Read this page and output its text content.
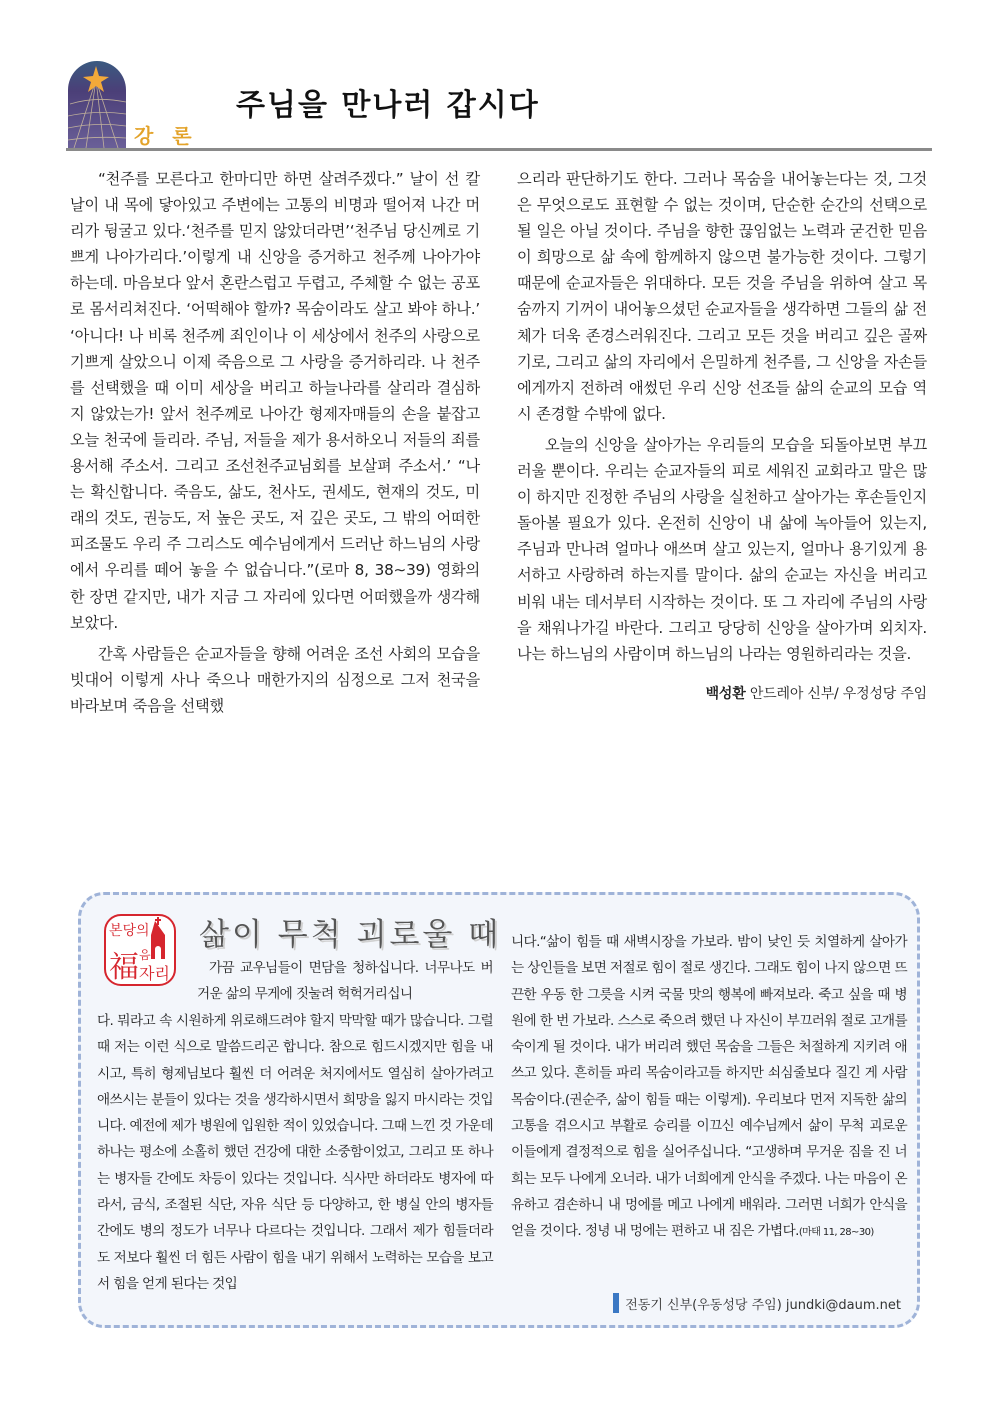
강 론
주님을 만나러 갑시다

“천주를 모른다고 한마디만 하면 살려주겠다.” 날이 선 칼날이 내 목에 닿아있고 주변에는 고통의 비명과 떨어져 나간 머리가 뒹굴고 있다.‘천주를 믿지 않았더라면’‘천주님 당신께로 기쁘게 나아가리다.’이렇게 내 신앙을 증거하고 천주께 나아가야 하는데. 마음보다 앞서 혼란스럽고 두렵고, 주체할 수 없는 공포로 몸서리쳐진다. ‘어떡해야 할까? 목숨이라도 살고 봐야 하나.’ ‘아니다! 나 비록 천주께 죄인이나 이 세상에서 천주의 사랑으로 기쁘게 살았으니 이제 죽음으로 그 사랑을 증거하리라. 나 천주를 선택했을 때 이미 세상을 버리고 하늘나라를 살리라 결심하지 않았는가! 앞서 천주께로 나아간 형제자매들의 손을 붙잡고 오늘 천국에 들리라. 주님, 저들을 제가 용서하오니 저들의 죄를 용서해 주소서. 그리고 조선천주교님회를 보살펴 주소서.’ “나는 확신합니다. 죽음도, 삶도, 천사도, 권세도, 현재의 것도, 미래의 것도, 권능도, 저 높은 곳도, 저 깊은 곳도, 그 밖의 어떠한 피조물도 우리 주 그리스도 예수님에게서 드러난 하느님의 사랑에서 우리를 떼어 놓을 수 없습니다.”(로마 8, 38∼39) 영화의 한 장면 같지만, 내가 지금 그 자리에 있다면 어떠했을까 생각해 보았다.

간혹 사람들은 순교자들을 향해 어려운 조선 사회의 모습을 빗대어 이렇게 사나 죽으나 매한가지의 심정으로 그저 천국을 바라보며 죽음을 선택했

으리라 판단하기도 한다. 그러나 목숨을 내어놓는다는 것, 그것은 무엇으로도 표현할 수 없는 것이며, 단순한 순간의 선택으로 될 일은 아닐 것이다. 주님을 향한 끊임없는 노력과 굳건한 믿음이 희망으로 삶 속에 함께하지 않으면 불가능한 것이다. 그렇기 때문에 순교자들은 위대하다. 모든 것을 주님을 위하여 살고 목숨까지 기꺼이 내어놓으셨던 순교자들을 생각하면 그들의 삶 전체가 더욱 존경스러워진다. 그리고 모든 것을 버리고 깊은 골짜기로, 그리고 삶의 자리에서 은밀하게 천주를, 그 신앙을 자손들에게까지 전하려 애썼던 우리 신앙 선조들 삶의 순교의 모습 역시 존경할 수밖에 없다.

오늘의 신앙을 살아가는 우리들의 모습을 되돌아보면 부끄러울 뿐이다. 우리는 순교자들의 피로 세워진 교회라고 말은 많이 하지만 진정한 주님의 사랑을 실천하고 살아가는 후손들인지 돌아볼 필요가 있다. 온전히 신앙이 내 삶에 녹아들어 있는지, 주님과 만나려 얼마나 애쓰며 살고 있는지, 얼마나 용기있게 용서하고 사랑하려 하는지를 말이다. 삶의 순교는 자신을 버리고 비워 내는 데서부터 시작하는 것이다. 또 그 자리에 주님의 사랑을 채워나가길 바란다. 그리고 당당히 신앙을 살아가며 외치자. 나는 하느님의 사람이며 하느님의 나라는 영원하리라는 것을.

백성환 안드레아 신부/ 우정성당 주임
본당의
福 음
자리
삶이 무척 괴로울 때

가끔 교우님들이 면담을 청하십니다. 너무나도 버거운 삶의 무게에 짓눌려 헉헉거리십니

다. 뭐라고 속 시원하게 위로해드려야 할지 막막할 때가 많습니다. 그럴 때 저는 이런 식으로 말씀드리곤 합니다. 참으로 힘드시겠지만 힘을 내시고, 특히 형제님보다 훨씬 더 어려운 처지에서도 열심히 살아가려고 애쓰시는 분들이 있다는 것을 생각하시면서 희망을 잃지 마시라는 것입니다. 예전에 제가 병원에 입원한 적이 있었습니다. 그때 느낀 것 가운데 하나는 평소에 소홀히 했던 건강에 대한 소중함이었고, 그리고 또 하나는 병자들 간에도 차등이 있다는 것입니다. 식사만 하더라도 병자에 따라서, 금식, 조절된 식단, 자유 식단 등 다양하고, 한 병실 안의 병자들 간에도 병의 정도가 너무나 다르다는 것입니다. 그래서 제가 힘들더라도 저보다 훨씬 더 힘든 사람이 힘을 내기 위해서 노력하는 모습을 보고서 힘을 얻게 된다는 것입

니다.“삶이 힘들 때 새벽시장을 가보라. 밤이 낮인 듯 치열하게 살아가는 상인들을 보면 저절로 힘이 절로 생긴다. 그래도 힘이 나지 않으면 뜨끈한 우동 한 그릇을 시켜 국물 맛의 행복에 빠져보라. 죽고 싶을 때 병원에 한 번 가보라. 스스로 죽으려 했던 나 자신이 부끄러워 절로 고개를 숙이게 될 것이다. 내가 버리려 했던 목숨을 그들은 처절하게 지키려 애쓰고 있다. 흔히들 파리 목숨이라고들 하지만 쇠심줄보다 질긴 게 사람 목숨이다.(권순주, 삶이 힘들 때는 이렇게). 우리보다 먼저 지독한 삶의 고통을 겪으시고 부활로 승리를 이끄신 예수님께서 삶이 무척 괴로운 이들에게 결정적으로 힘을 실어주십니다. “고생하며 무거운 짐을 진 너희는 모두 나에게 오너라. 내가 너희에게 안식을 주겠다. 나는 마음이 온유하고 겸손하니 내 멍에를 메고 나에게 배워라. 그러면 너희가 안식을 얻을 것이다. 정녕 내 멍에는 편하고 내 짐은 가볍다.(마태 11, 28~30)

전동기 신부(우동성당 주임) jundki@daum.net
